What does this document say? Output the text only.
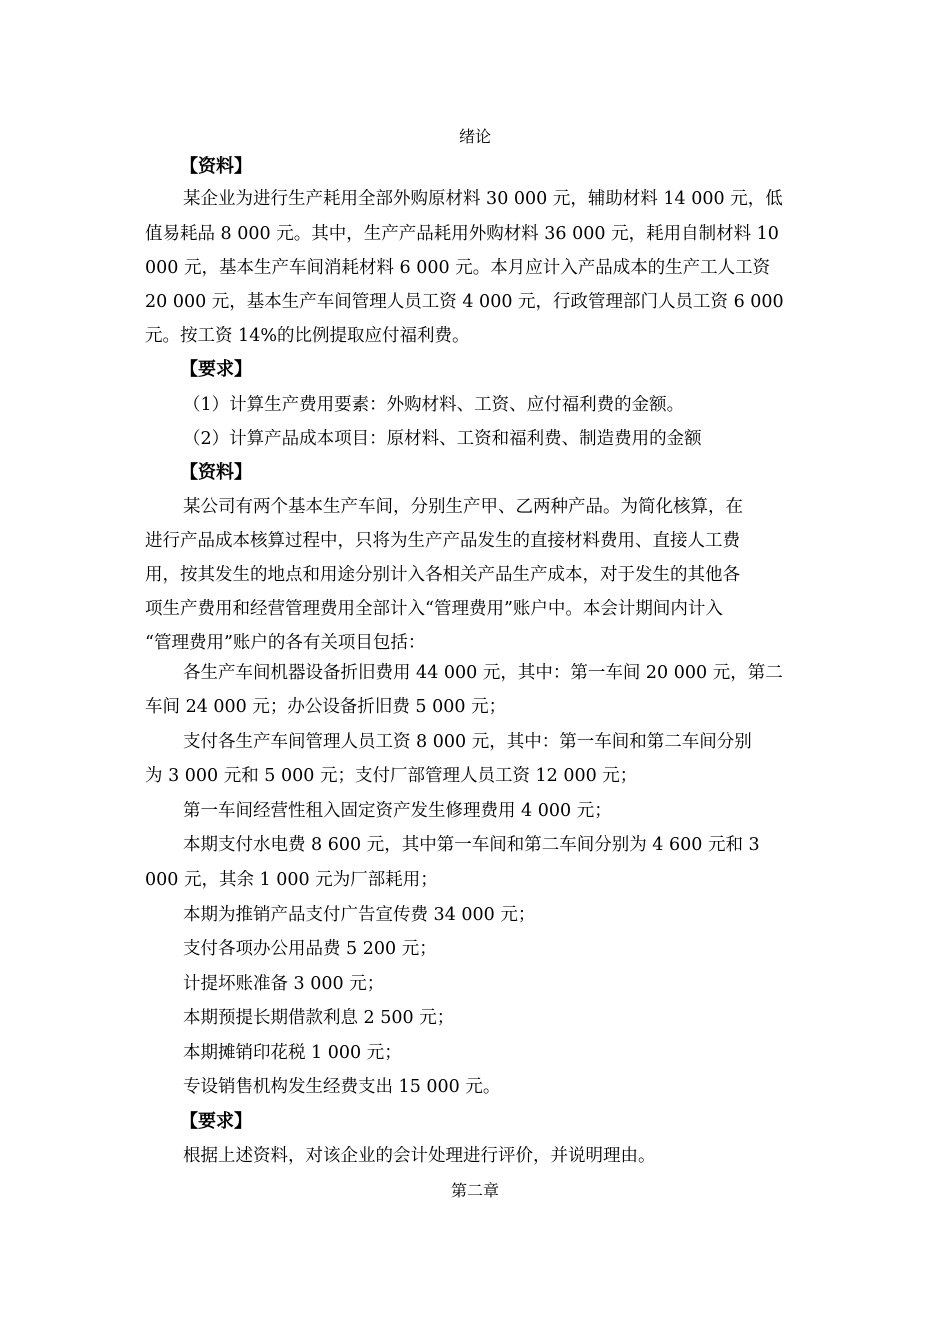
绪论
【资料】
某企业为进行生产耗用全部外购原材料 30 000 元，辅助材料 14 000 元，低
值易耗品 8 000 元。其中，生产产品耗用外购材料 36 000 元，耗用自制材料 10
000 元，基本生产车间消耗材料 6 000 元。本月应计入产品成本的生产工人工资
20 000 元，基本生产车间管理人员工资 4 000 元，行政管理部门人员工资 6 000
元。按工资 14%的比例提取应付福利费。
【要求】
（1）计算生产费用要素：外购材料、工资、应付福利费的金额。
（2）计算产品成本项目：原材料、工资和福利费、制造费用的金额
【资料】
某公司有两个基本生产车间，分别生产甲、乙两种产品。为简化核算，在
进行产品成本核算过程中，只将为生产产品发生的直接材料费用、直接人工费
用，按其发生的地点和用途分别计入各相关产品生产成本，对于发生的其他各
项生产费用和经营管理费用全部计入“管理费用”账户中。本会计期间内计入
“管理费用”账户的各有关项目包括：
各生产车间机器设备折旧费用 44 000 元，其中：第一车间 20 000 元，第二
车间 24 000 元；办公设备折旧费 5 000 元；
支付各生产车间管理人员工资 8 000 元，其中：第一车间和第二车间分别
为 3 000 元和 5 000 元；支付厂部管理人员工资 12 000 元；
第一车间经营性租入固定资产发生修理费用 4 000 元；
本期支付水电费 8 600 元，其中第一车间和第二车间分别为 4 600 元和 3
000 元，其余 1 000 元为厂部耗用；
本期为推销产品支付广告宣传费 34 000 元；
支付各项办公用品费 5 200 元；
计提坏账准备 3 000 元；
本期预提长期借款利息 2 500 元；
本期摊销印花税 1 000 元；
专设销售机构发生经费支出 15 000 元。
【要求】
根据上述资料，对该企业的会计处理进行评价，并说明理由。
第二章
